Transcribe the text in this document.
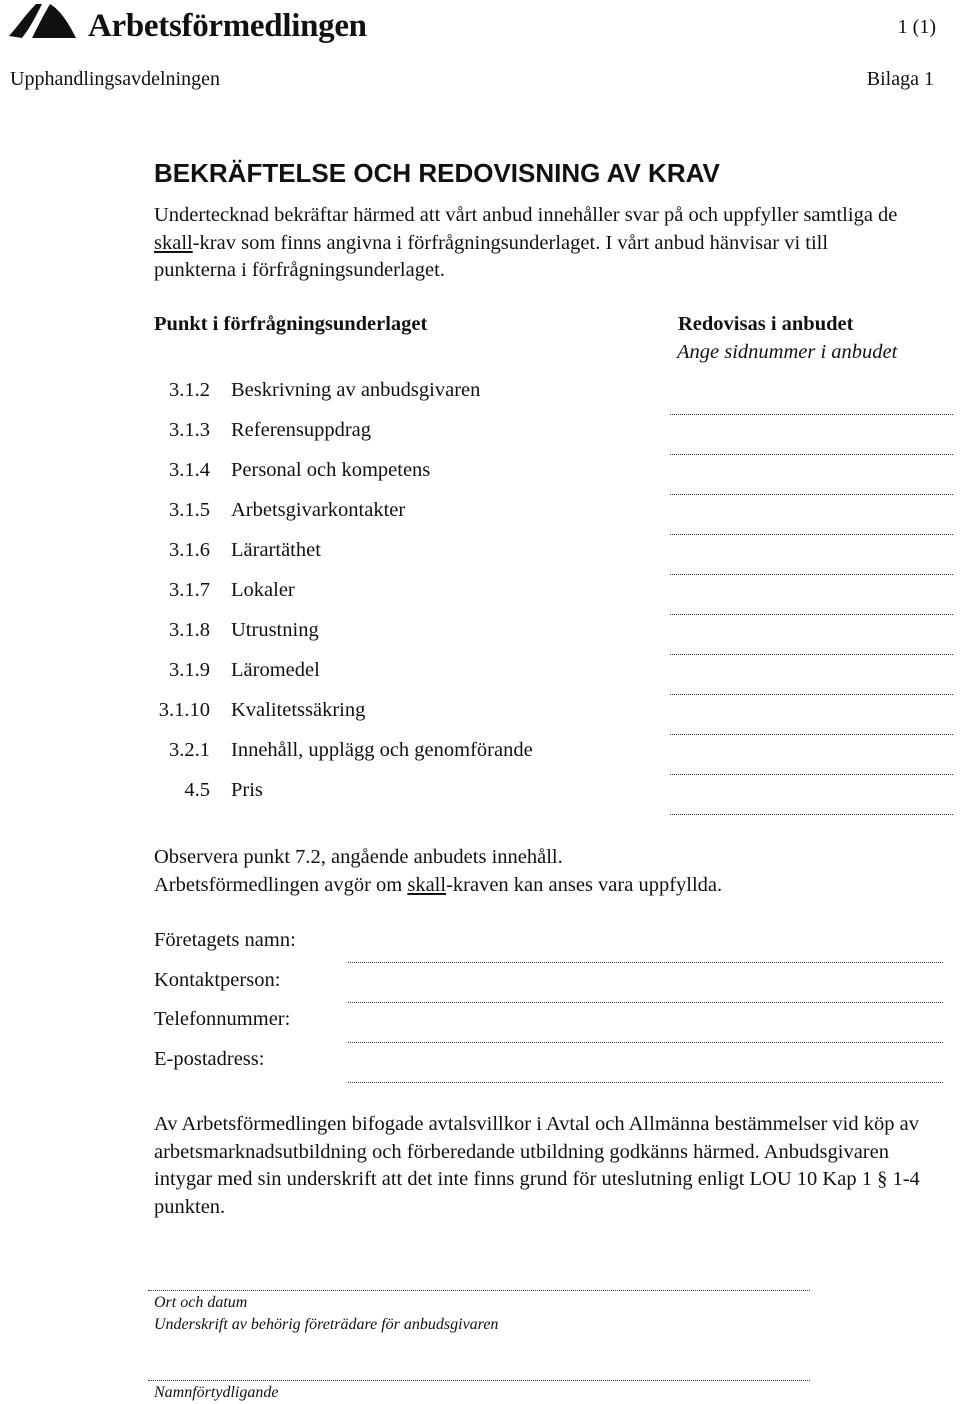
Arbetsförmedlingen	1 (1)
Upphandlingsavdelningen	Bilaga 1
BEKRÄFTELSE OCH REDOVISNING AV KRAV
Undertecknad bekräftar härmed att vårt anbud innehåller svar på och uppfyller samtliga de skall-krav som finns angivna i förfrågningsunderlaget. I vårt anbud hänvisar vi till punkterna i förfrågningsunderlaget.
Punkt i förfrågningsunderlaget	Redovisas i anbudet
Ange sidnummer i anbudet
3.1.2 Beskrivning av anbudsgivaren
3.1.3 Referensuppdrag
3.1.4 Personal och kompetens
3.1.5 Arbetsgivarkontakter
3.1.6 Lärartäthet
3.1.7 Lokaler
3.1.8 Utrustning
3.1.9 Läromedel
3.1.10 Kvalitetssäkring
3.2.1 Innehåll, upplägg och genomförande
4.5 Pris
Observera punkt 7.2, angående anbudets innehåll.
Arbetsförmedlingen avgör om skall-kraven kan anses vara uppfyllda.
Företagets namn:
Kontaktperson:
Telefonnummer:
E-postadress:
Av Arbetsförmedlingen bifogade avtalsvillkor i Avtal och Allmänna bestämmelser vid köp av arbetsmarknadsutbildning och förberedande utbildning godkänns härmed. Anbudsgivaren intygar med sin underskrift att det inte finns grund för uteslutning enligt LOU 10 Kap 1 § 1-4 punkten.
Ort och datum
Underskrift av behörig företrädare för anbudsgivaren
Namnförtydligande
